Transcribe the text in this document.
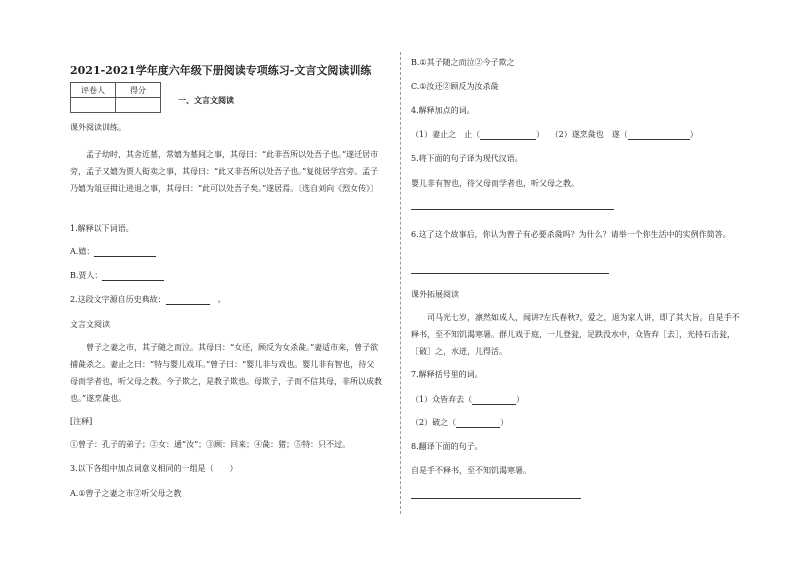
2021-2021学年度六年级下册阅读专项练习-文言文阅读训练
评卷人	得分

一、文言文阅读
课外阅读训练。
孟子幼时，其舍近墓，常嬉为墓间之事，其母曰：“此非吾所以处吾子也。”遂迁居市旁，孟子又嬉为贾人衒卖之事，其母曰：“此又非吾所以处吾子也。”复徙居学宫旁。孟子乃嬉为俎豆揖让进退之事，其母曰：“此可以处吾子矣。”遂居焉。〔选自刘向《烈女传》〕
1.解释以下词语。
A.嬉：
B.贾人：
2.这段文字源自历史典故：	。
文言文阅读
曾子之妻之市，其子随之而泣。其母曰：“女还，顾反为女杀彘。”妻适市来，曾子欲捕彘杀之。妻止之曰：“特与婴儿戏耳。”曾子曰：“婴儿非与戏也。婴儿非有智也，待父母而学者也，听父母之教。今子欺之，是教子欺也。母欺子，子而不信其母，非所以成教也。”遂烹彘也。
[注释]
①曾子：孔子的弟子；②女：通“汝”；③顾：回来；④彘：猪；⑤特：只不过。
3.以下各组中加点词意义相同的一组是（　　）
A.①曾子之妻之市②听父母之教
B.①其子随之而泣②今子欺之
C.①汝还②顾反为汝杀彘
4.解释加点的词。
（1）妻止之　止（	） （2）遂烹彘也　遂（	）
5.将下面的句子译为现代汉语。
婴儿非有智也，待父母而学者也，听父母之教。
6.这了这个故事后，你认为曾子有必要杀彘吗？为什么？请举一个你生活中的实例作简答。
课外拓展阅读
司马光七岁，凛然如成人，闻讲?左氏春秋?，爱之，退为家人讲，即了其大旨。自是手不释书，至不知饥渴寒暑。群儿戏于庭，一儿登瓮，足跌没水中，众皆弃［去］，光持石击瓮，［破］之，水迸，儿得活。
7.解释括号里的词。
（1）众皆弃去（	）
（2）破之（	）
8.翻译下面的句子。
自是手不释书，至不知饥渴寒暑。
